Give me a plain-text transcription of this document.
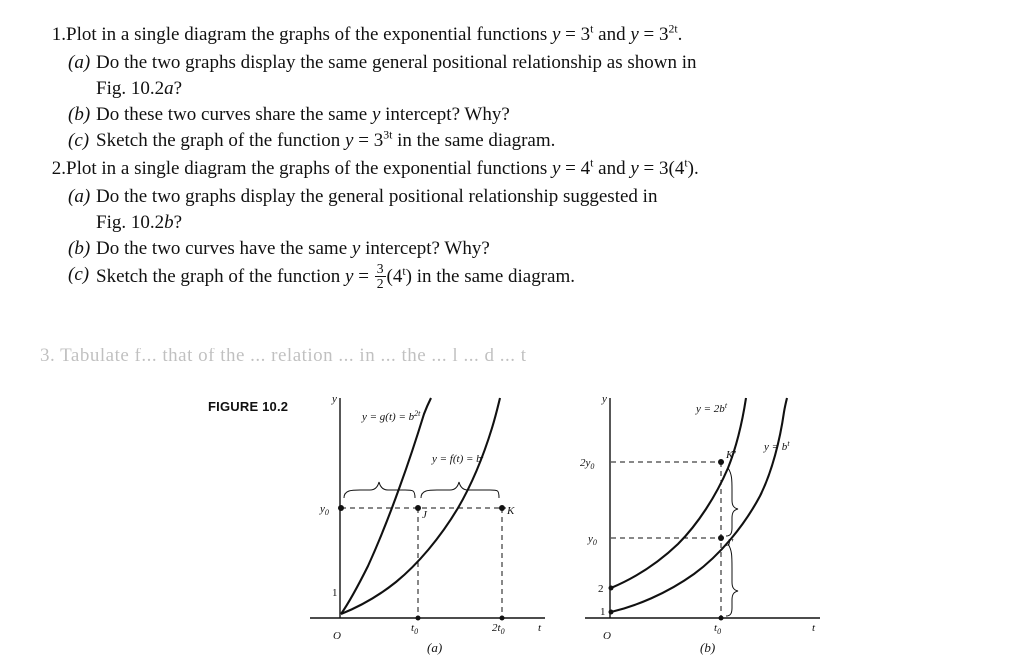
1. Plot in a single diagram the graphs of the exponential functions $y = 3^t$ and $y = 3^{2t}$.
(a) Do the two graphs display the same general positional relationship as shown in
Fig. 10.2a?
(b) Do these two curves share the same y intercept? Why?
(c) Sketch the graph of the function $y = 3^{3t}$ in the same diagram.
2. Plot in a single diagram the graphs of the exponential functions $y = 4^t$ and $y = 3(4^t)$.
(a) Do the two graphs display the general positional relationship suggested in
Fig. 10.2b?
(b) Do the two curves have the same y intercept? Why?
(c) Sketch the graph of the function $y = \frac{3}{2} (4^t)$ in the same diagram.
3. Tabulate f... that of the ... relation ... in ... the ... l ... d ... t
FIGURE 10.2	y
t
O
$y = g(t) = b^{2t}$
$y = f(t) = b^t$
J	K
$y_0$
1
$t_0$	$2t_0$
y
t
O
$y = 2b^t$
$y = b^t$
K'
J'
$2y_0$
$y_0$
2
1
$t_0$
(a)	(b)
